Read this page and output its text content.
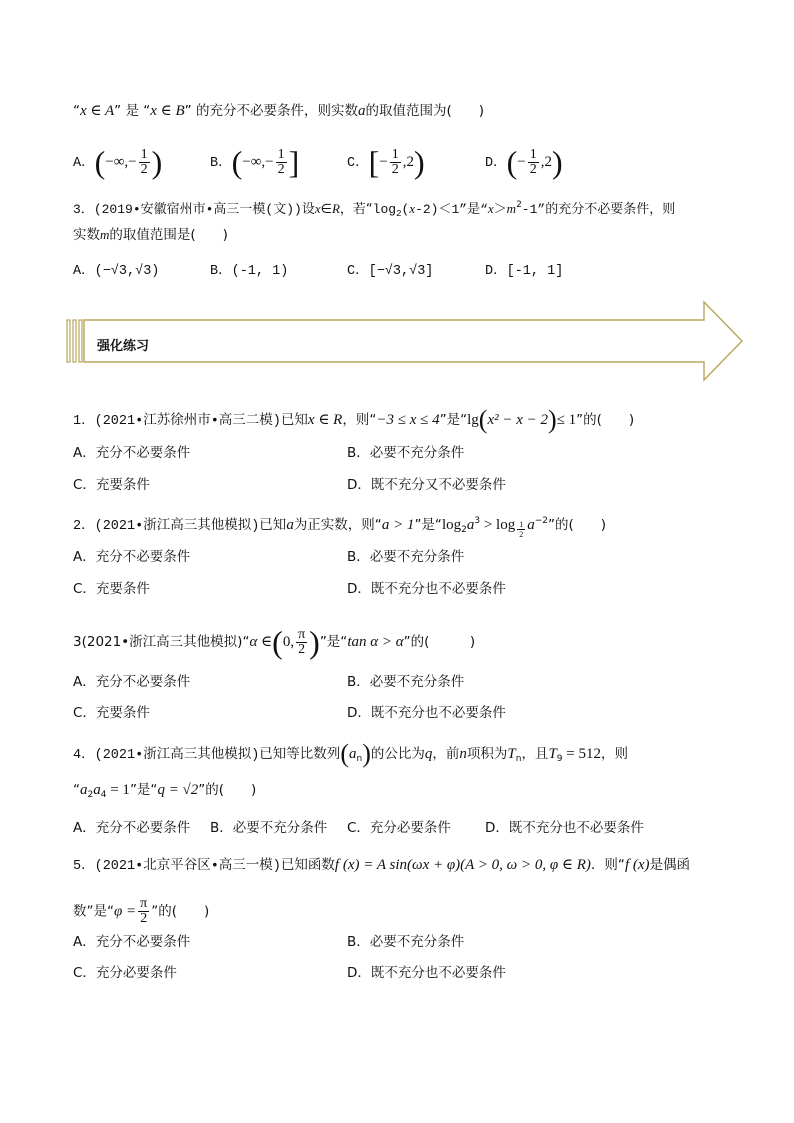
“x ∈ A” 是 “x ∈ B” 的充分不必要条件，则实数a的取值范围为(　　)
A．(−∞,− $\frac{1}{2}$ )	B．(−∞,− $\frac{1}{2}$ ]	C．[− $\frac{1}{2} ,2$)	D．(− $\frac{1}{2} ,2$)
3．(2019•安徽宿州市•高三一模(文))设x∈R，若“$\log_2(x-2)<1$”是“$x>m^2-1$”的充分不必要条件，则
实数m的取值范围是(　　)
A．(−√3,√3)	B．(-1, 1)	C．[−√3,√3]	D．[-1, 1]
强化练习
1．(2021•江苏徐州市•高三二模)已知x ∈ R，则“−3 ≤ x ≤ 4”是“lg(x² − x − 2)≤ 1”的(　　)
A．充分不必要条件	B．必要不充分条件
C．充要条件	D．既不充分又不必要条件
2．(2021•浙江高三其他模拟)已知a为正实数，则“a > 1”是“$\log_2a^3 > \log \frac{1}{2} a^{-2}$”的(　　)
A．充分不必要条件	B．必要不充分条件
C．充要条件	D．既不充分也不必要条件
3(2021•浙江高三其他模拟)“α ∈(0, $\frac{\pi}{2}$ )”是“tan α > α”的(　　　)
A．充分不必要条件	B．必要不充分条件
C．充要条件	D．既不充分也不必要条件
4．(2021•浙江高三其他模拟)已知等比数列$(a_n)$的公比为q，前n项积为$T_n$，且$T_9 = 512$，则
“$a_2a_4 = 1$”是“q = √2”的(　　)
A．充分不必要条件 B．必要不充分条件 C．充分必要条件	D．既不充分也不必要条件
5．(2021•北京平谷区•高三一模)已知函数f (x) = A sin(ωx + φ)(A > 0, ω > 0, φ ∈ R)．则“f (x)是偶函
数”是“$\varphi = \frac{\pi}{2}$ ”的(　　)
A．充分不必要条件	B．必要不充分条件
C．充分必要条件	D．既不充分也不必要条件
